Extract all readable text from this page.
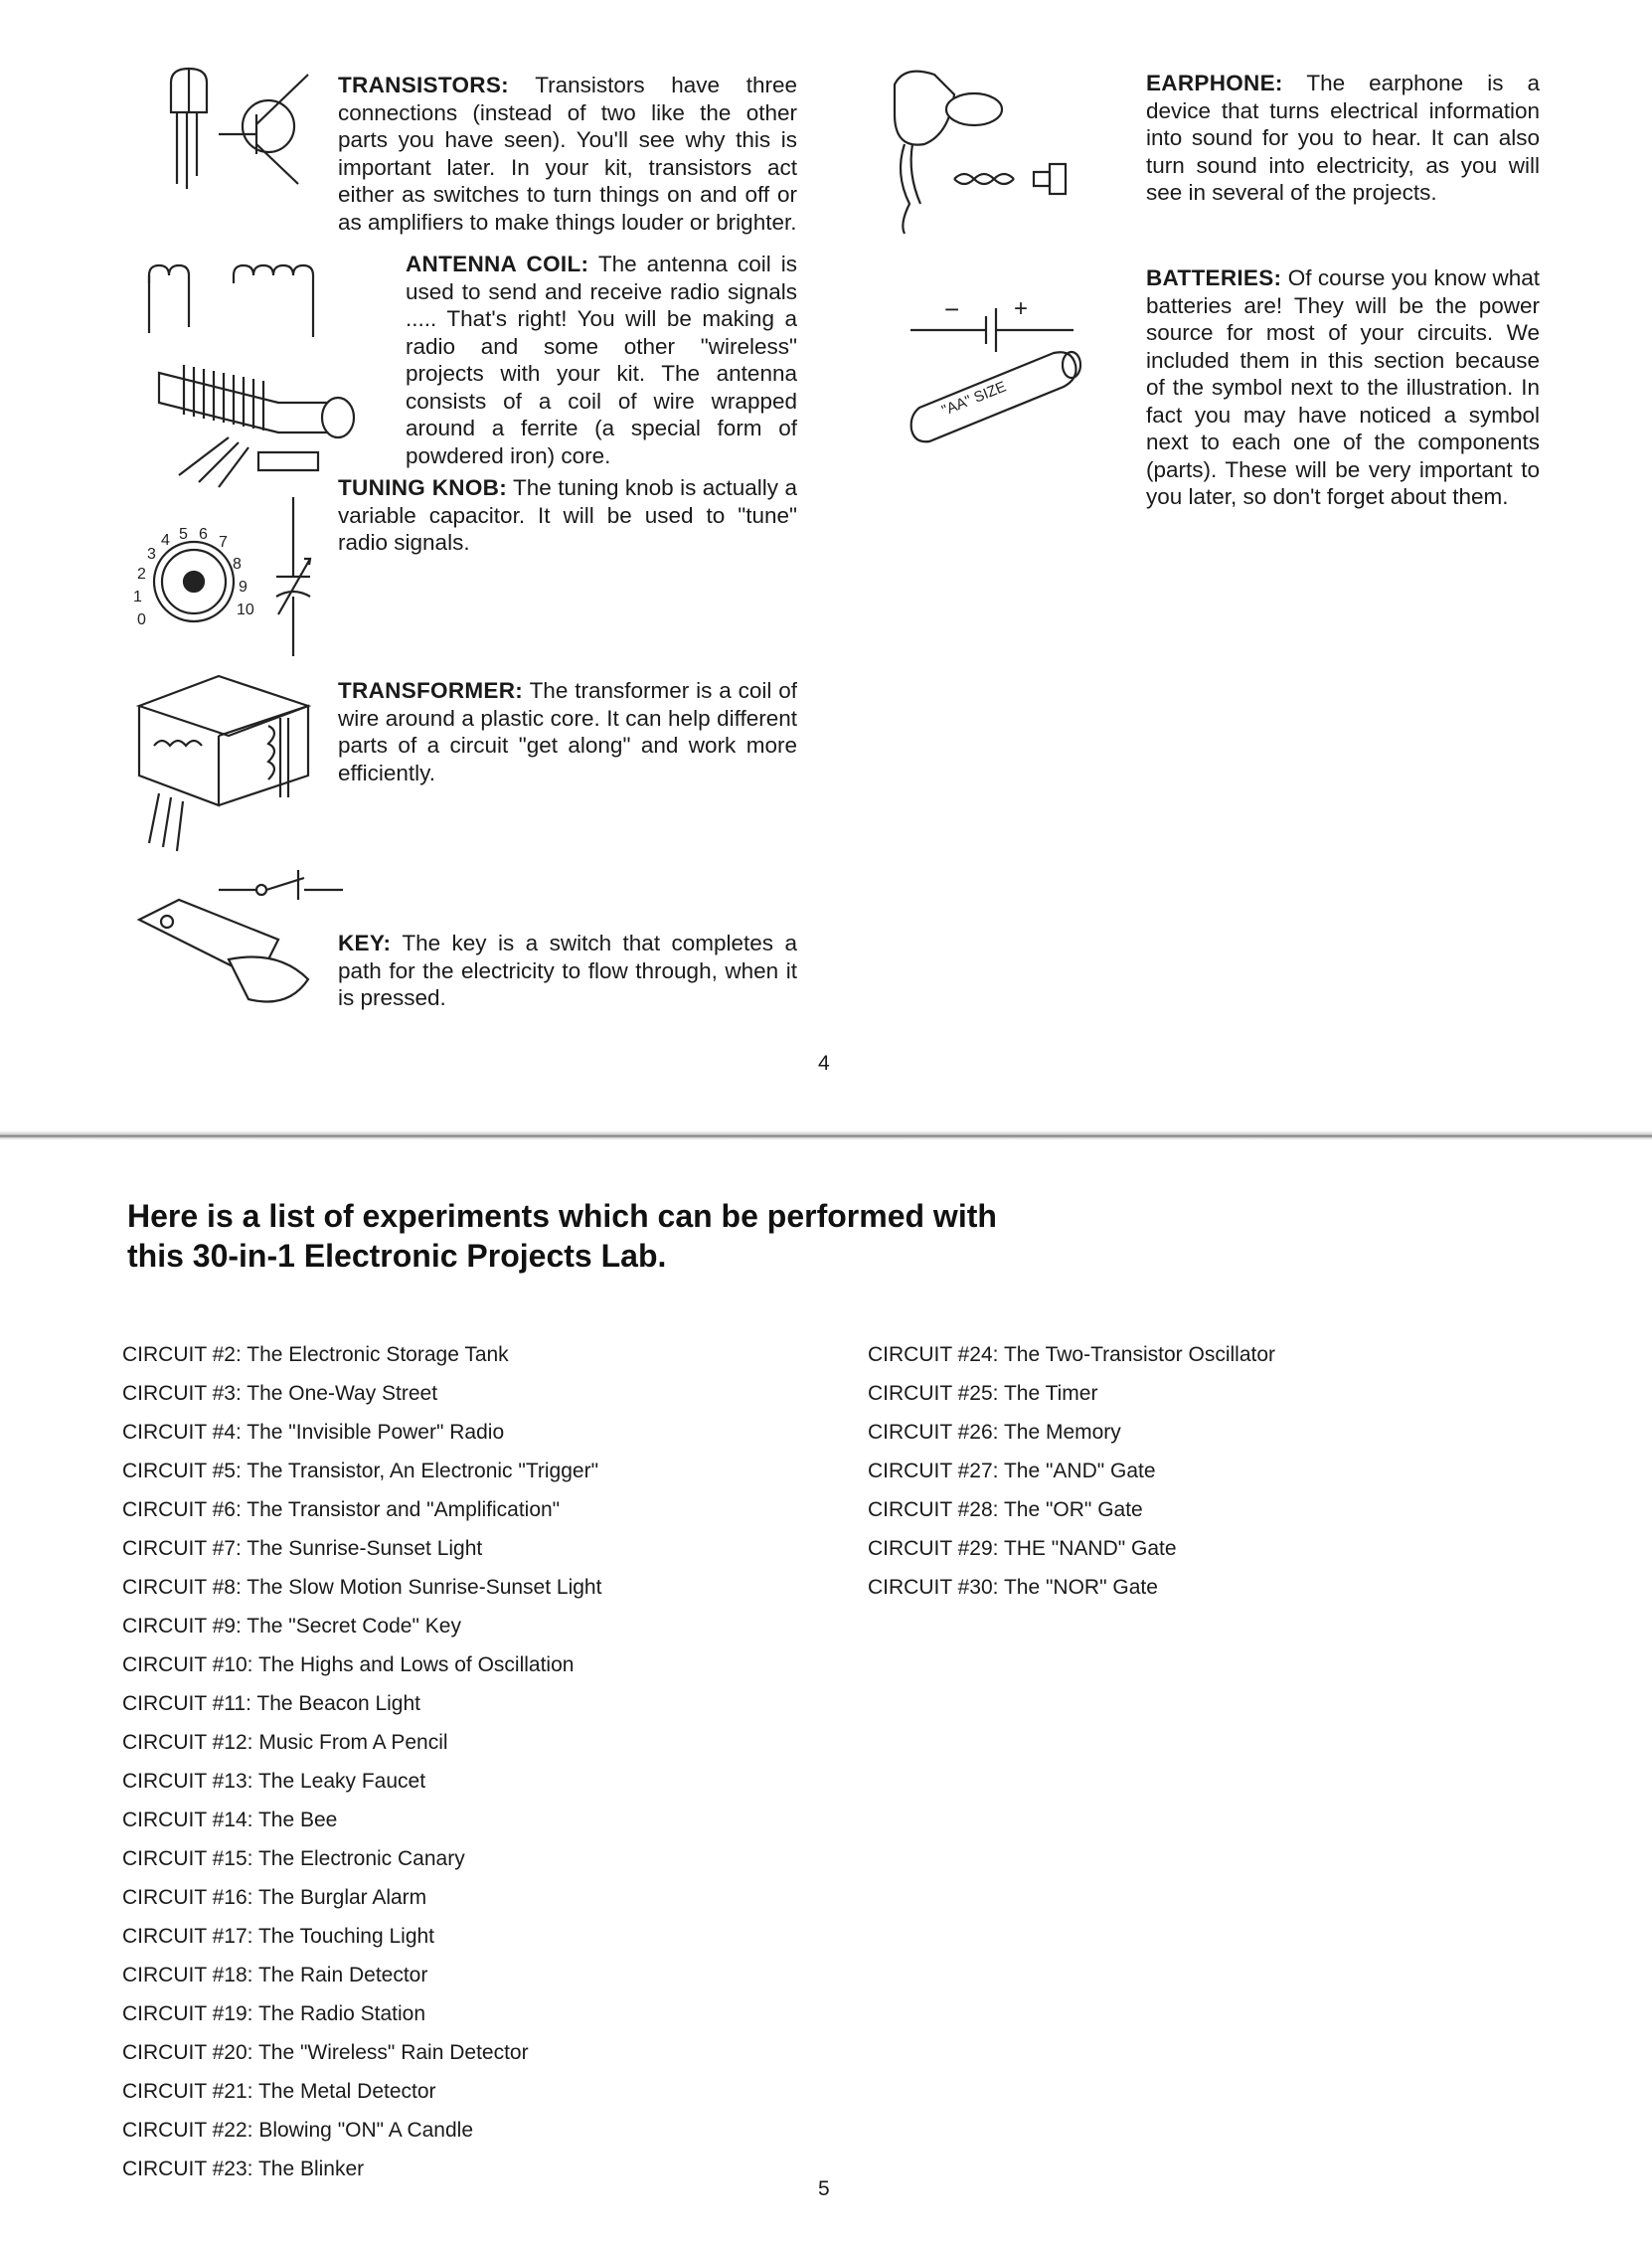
0
1
2
3
4 5 6 7
8
9
10
TRANSISTORS: Transistors have three connections (instead of two like the other parts you have seen). You'll see why this is important later. In your kit, transistors act either as switches to turn things on and off or as amplifiers to make things louder or brighter.
ANTENNA COIL: The antenna coil is used to send and receive radio signals ..... That's right! You will be making a radio and some other "wireless" projects with your kit. The antenna consists of a coil of wire wrapped around a ferrite (a special form of powdered iron) core.
TUNING KNOB: The tuning knob is actually a variable capacitor. It will be used to "tune" radio signals.
TRANSFORMER: The transformer is a coil of wire around a plastic core. It can help different parts of a circuit "get along" and work more efficiently.
KEY: The key is a switch that completes a path for the electricity to flow through, when it is pressed.
EARPHONE: The earphone is a device that turns electrical information into sound for you to hear. It can also turn sound into electricity, as you will see in several of the projects.
− +
"AA" SIZE
BATTERIES: Of course you know what batteries are! They will be the power source for most of your circuits. We included them in this section because of the symbol next to the illustration. In fact you may have noticed a symbol next to each one of the components (parts). These will be very important to you later, so don't forget about them.
4
Here is a list of experiments which can be performed with
this 30-in-1 Electronic Projects Lab.
CIRCUIT #2: The Electronic Storage Tank
CIRCUIT #3: The One-Way Street
CIRCUIT #4: The "Invisible Power" Radio
CIRCUIT #5: The Transistor, An Electronic "Trigger"
CIRCUIT #6: The Transistor and "Amplification"
CIRCUIT #7: The Sunrise-Sunset Light
CIRCUIT #8: The Slow Motion Sunrise-Sunset Light
CIRCUIT #9: The "Secret Code" Key
CIRCUIT #10: The Highs and Lows of Oscillation
CIRCUIT #11: The Beacon Light
CIRCUIT #12: Music From A Pencil
CIRCUIT #13: The Leaky Faucet
CIRCUIT #14: The Bee
CIRCUIT #15: The Electronic Canary
CIRCUIT #16: The Burglar Alarm
CIRCUIT #17: The Touching Light
CIRCUIT #18: The Rain Detector
CIRCUIT #19: The Radio Station
CIRCUIT #20: The "Wireless" Rain Detector
CIRCUIT #21: The Metal Detector
CIRCUIT #22: Blowing "ON" A Candle
CIRCUIT #23: The Blinker
CIRCUIT #24: The Two-Transistor Oscillator
CIRCUIT #25: The Timer
CIRCUIT #26: The Memory
CIRCUIT #27: The "AND" Gate
CIRCUIT #28: The "OR" Gate
CIRCUIT #29: THE "NAND" Gate
CIRCUIT #30: The "NOR" Gate
5
